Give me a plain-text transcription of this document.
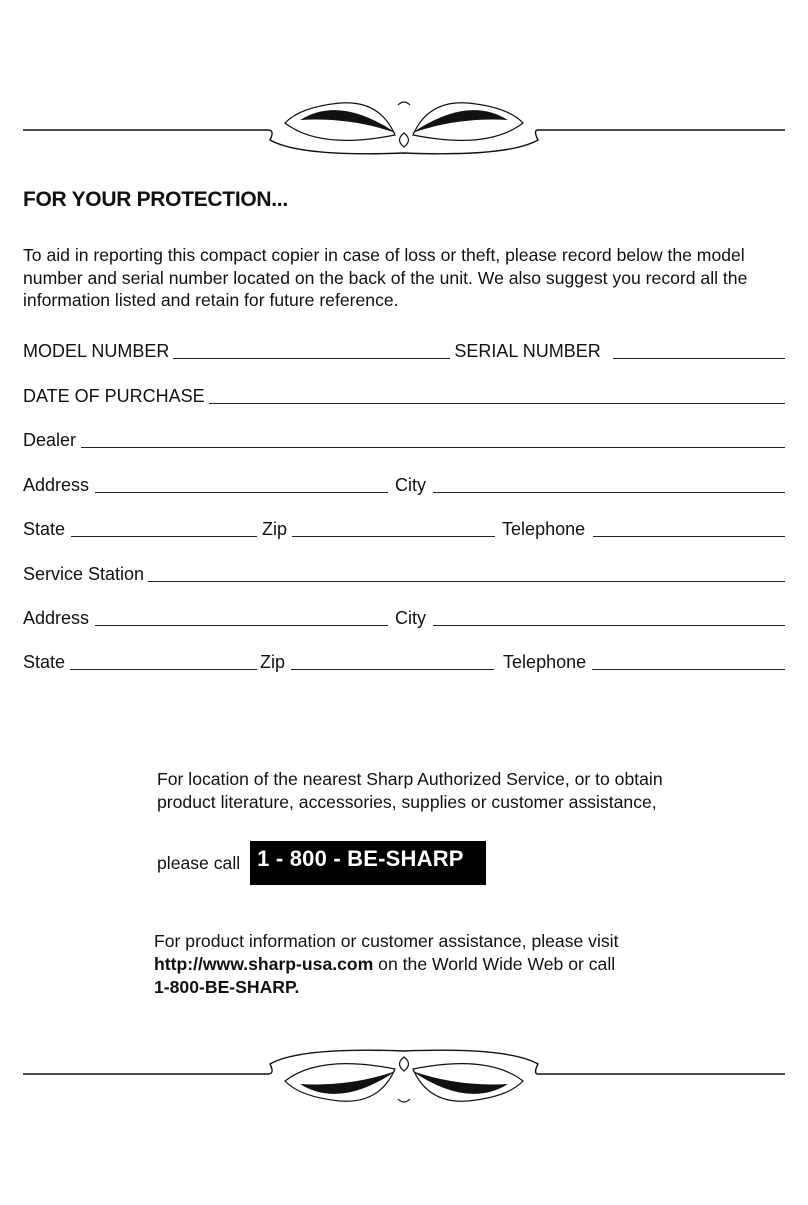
FOR YOUR PROTECTION...

To aid in reporting this compact copier in case of loss or theft, please record below the model number and serial number located on the back of the unit. We also suggest you record all the information listed and retain for future reference.

MODEL NUMBER	SERIAL NUMBER
DATE OF PURCHASE
Dealer
Address	City
State	Zip	Telephone
Service Station
Address	City
State	Zip	Telephone
For location of the nearest Sharp Authorized Service, or to obtain product literature, accessories, supplies or customer assistance,
please call 1 - 800 - BE-SHARP
For product information or customer assistance, please visit
http://www.sharp-usa.com on the World Wide Web or call
1-800-BE-SHARP.
